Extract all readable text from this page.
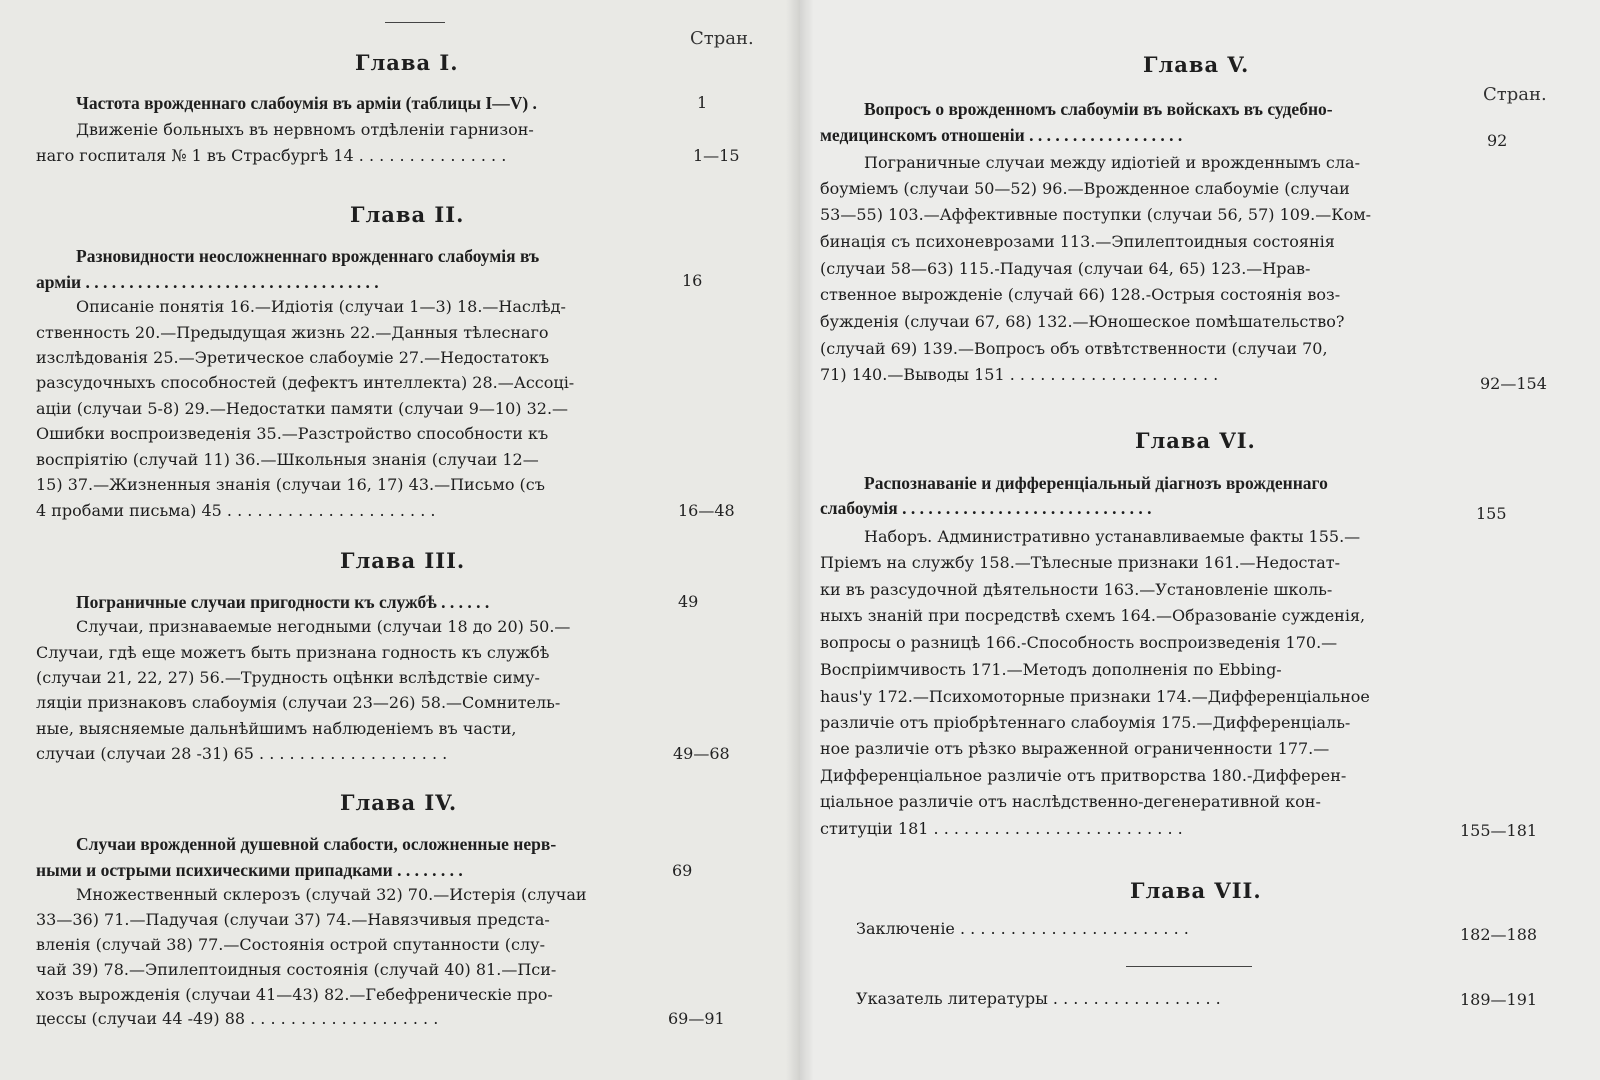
Стран.
Глава I.
Частота врожденнаго слабоумія въ арміи (таблицы I—V) .	1
Движеніе больныхъ въ нервномъ отдѣленіи гарнизон-
наго госпиталя № 1 въ Страсбургѣ 14 . . . . . . . . . . . . . . .	1—15
Глава II.
Разновидности неосложненнаго врожденнаго слабоумія въ
арміи . . . . . . . . . . . . . . . . . . . . . . . . . . . . . . . . . .	16
Описаніе понятія 16.—Идіотія (случаи 1—3) 18.—Наслѣд-
ственность 20.—Предыдущая жизнь 22.—Данныя тѣлеснаго
изслѣдованія 25.—Эретическое слабоуміе 27.—Недостатокъ
разсудочныхъ способностей (дефектъ интеллекта) 28.—Ассоці-
аціи (случаи 5-8) 29.—Недостатки памяти (случаи 9—10) 32.—
Ошибки воспроизведенія 35.—Разстройство способности къ
воспріятію (случай 11) 36.—Школьныя знанія (случаи 12—
15) 37.—Жизненныя знанія (случаи 16, 17) 43.—Письмо (съ
4 пробами письма) 45 . . . . . . . . . . . . . . . . . . . . .	16—48
Глава III.
Пограничные случаи пригодности къ службѣ . . . . . .	49
Случаи, признаваемые негодными (случаи 18 до 20) 50.—
Случаи, гдѣ еще можетъ быть признана годность къ службѣ
(случаи 21, 22, 27) 56.—Трудность оцѣнки вслѣдствіе симу-
ляціи признаковъ слабоумія (случаи 23—26) 58.—Сомнитель-
ные, выясняемые дальнѣйшимъ наблюденіемъ въ части,
случаи (случаи 28 -31) 65 . . . . . . . . . . . . . . . . . . .	49—68
Глава IV.
Случаи врожденной душевной слабости, осложненные нерв-
ными и острыми психическими припадками . . . . . . . .	69
Множественный склерозъ (случай 32) 70.—Истерія (случаи
33—36) 71.—Падучая (случаи 37) 74.—Навязчивыя предста-
вленія (случай 38) 77.—Состоянія острой спутанности (слу-
чай 39) 78.—Эпилептоидныя состоянія (случай 40) 81.—Пси-
хозъ вырожденія (случаи 41—43) 82.—Гебефреническіе про-
цессы (случаи 44 -49) 88 . . . . . . . . . . . . . . . . . . .	69—91
Стран.
Глава V.
Вопросъ о врожденномъ слабоуміи въ войскахъ въ судебно-
медицинскомъ отношеніи . . . . . . . . . . . . . . . . . .	92
Пограничные случаи между идіотіей и врожденнымъ сла-
боуміемъ (случаи 50—52) 96.—Врожденное слабоуміе (случаи
53—55) 103.—Аффективные поступки (случаи 56, 57) 109.—Ком-
бинація съ психоневрозами 113.—Эпилептоидныя состоянія
(случаи 58—63) 115.-Падучая (случаи 64, 65) 123.—Нрав-
ственное вырожденіе (случай 66) 128.-Острыя состоянія воз-
бужденія (случаи 67, 68) 132.—Юношеское помѣшательство?
(случай 69) 139.—Вопросъ объ отвѣтственности (случаи 70,
71) 140.—Выводы 151 . . . . . . . . . . . . . . . . . . . . .	92—154
Глава VI.
Распознаваніе и дифференціальный діагнозъ врожденнаго
слабоумія . . . . . . . . . . . . . . . . . . . . . . . . . . . . .	155
Наборъ. Административно устанавливаемые факты 155.—
Пріемъ на службу 158.—Тѣлесные признаки 161.—Недостат-
ки въ разсудочной дѣятельности 163.—Установленіе школь-
ныхъ знаній при посредствѣ схемъ 164.—Образованіе сужденія,
вопросы о разницѣ 166.-Способность воспроизведенія 170.—
Воспріимчивость 171.—Методъ дополненія по Ebbing-
haus'у 172.—Психомоторные признаки 174.—Дифференціальное
различіе отъ пріобрѣтеннаго слабоумія 175.—Дифференціаль-
ное различіе отъ рѣзко выраженной ограниченности 177.—
Дифференціальное различіе отъ притворства 180.-Дифферен-
ціальное различіе отъ наслѣдственно-дегенеративной кон-
ституціи 181 . . . . . . . . . . . . . . . . . . . . . . . . .	155—181
Глава VII.
Заключеніе . . . . . . . . . . . . . . . . . . . . . . .	182—188
Указатель литературы . . . . . . . . . . . . . . . . .	189—191
